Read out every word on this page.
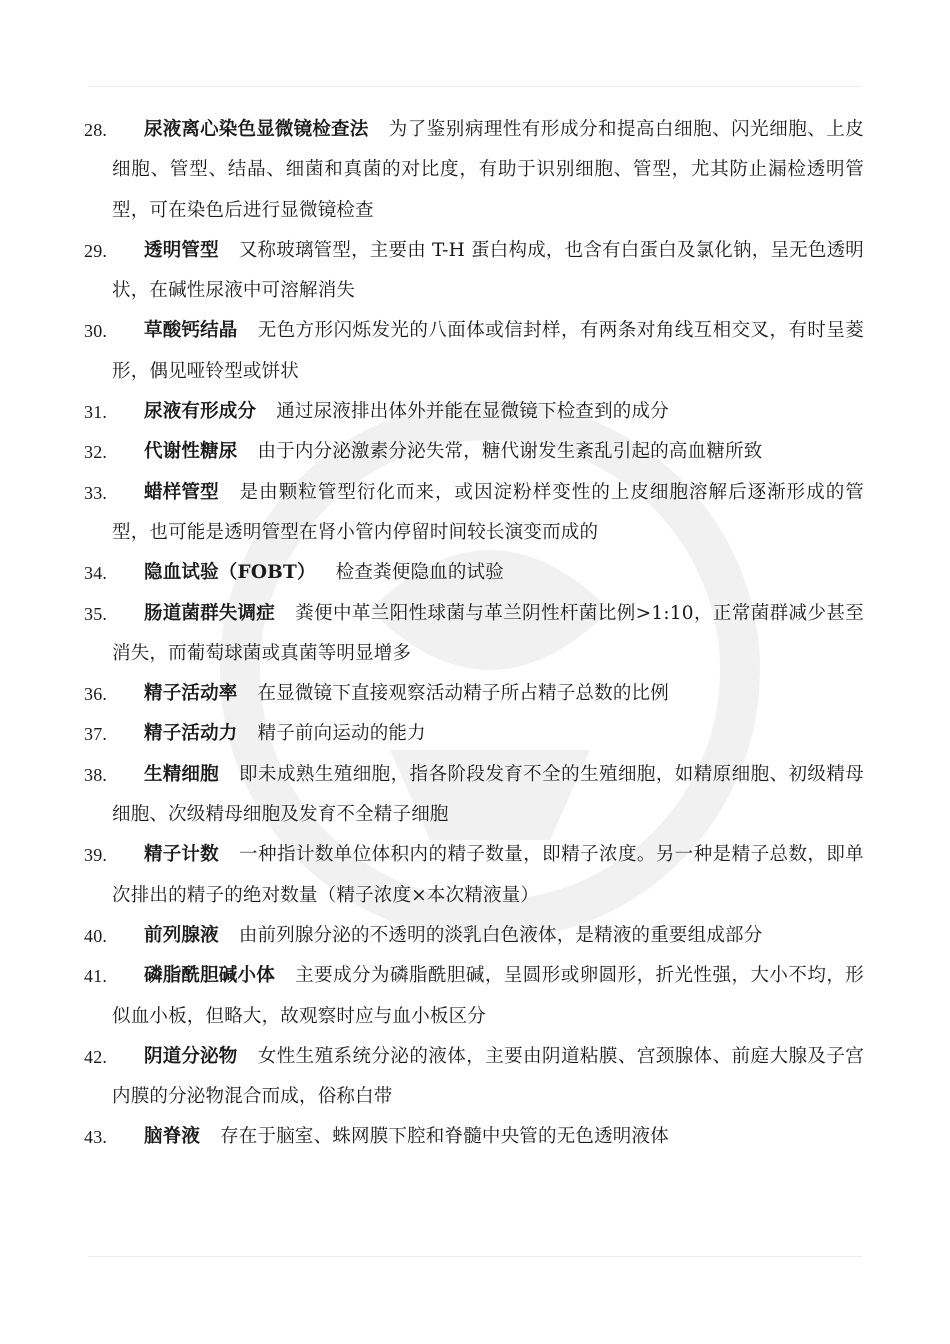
28.	尿液离心染色显微镜检查法 为了鉴别病理性有形成分和提高白细胞、闪光细胞、上皮细胞、管型、结晶、细菌和真菌的对比度，有助于识别细胞、管型，尤其防止漏检透明管型，可在染色后进行显微镜检查
29.	透明管型 又称玻璃管型，主要由 T-H 蛋白构成，也含有白蛋白及氯化钠，呈无色透明状，在碱性尿液中可溶解消失
30.	草酸钙结晶 无色方形闪烁发光的八面体或信封样，有两条对角线互相交叉，有时呈菱形，偶见哑铃型或饼状
31.	尿液有形成分 通过尿液排出体外并能在显微镜下检查到的成分
32.	代谢性糖尿 由于内分泌激素分泌失常，糖代谢发生紊乱引起的高血糖所致
33.	蜡样管型 是由颗粒管型衍化而来，或因淀粉样变性的上皮细胞溶解后逐渐形成的管型，也可能是透明管型在肾小管内停留时间较长演变而成的
34.	隐血试验（FOBT） 检查粪便隐血的试验
35.	肠道菌群失调症 粪便中革兰阳性球菌与革兰阴性杆菌比例>1:10，正常菌群减少甚至消失，而葡萄球菌或真菌等明显增多
36.	精子活动率 在显微镜下直接观察活动精子所占精子总数的比例
37.	精子活动力 精子前向运动的能力
38.	生精细胞 即未成熟生殖细胞，指各阶段发育不全的生殖细胞，如精原细胞、初级精母细胞、次级精母细胞及发育不全精子细胞
39.	精子计数 一种指计数单位体积内的精子数量，即精子浓度。另一种是精子总数，即单次排出的精子的绝对数量（精子浓度×本次精液量）
40.	前列腺液 由前列腺分泌的不透明的淡乳白色液体，是精液的重要组成部分
41.	磷脂酰胆碱小体 主要成分为磷脂酰胆碱，呈圆形或卵圆形，折光性强，大小不均，形似血小板，但略大，故观察时应与血小板区分
42.	阴道分泌物 女性生殖系统分泌的液体，主要由阴道粘膜、宫颈腺体、前庭大腺及子宫内膜的分泌物混合而成，俗称白带
43.	脑脊液 存在于脑室、蛛网膜下腔和脊髓中央管的无色透明液体
